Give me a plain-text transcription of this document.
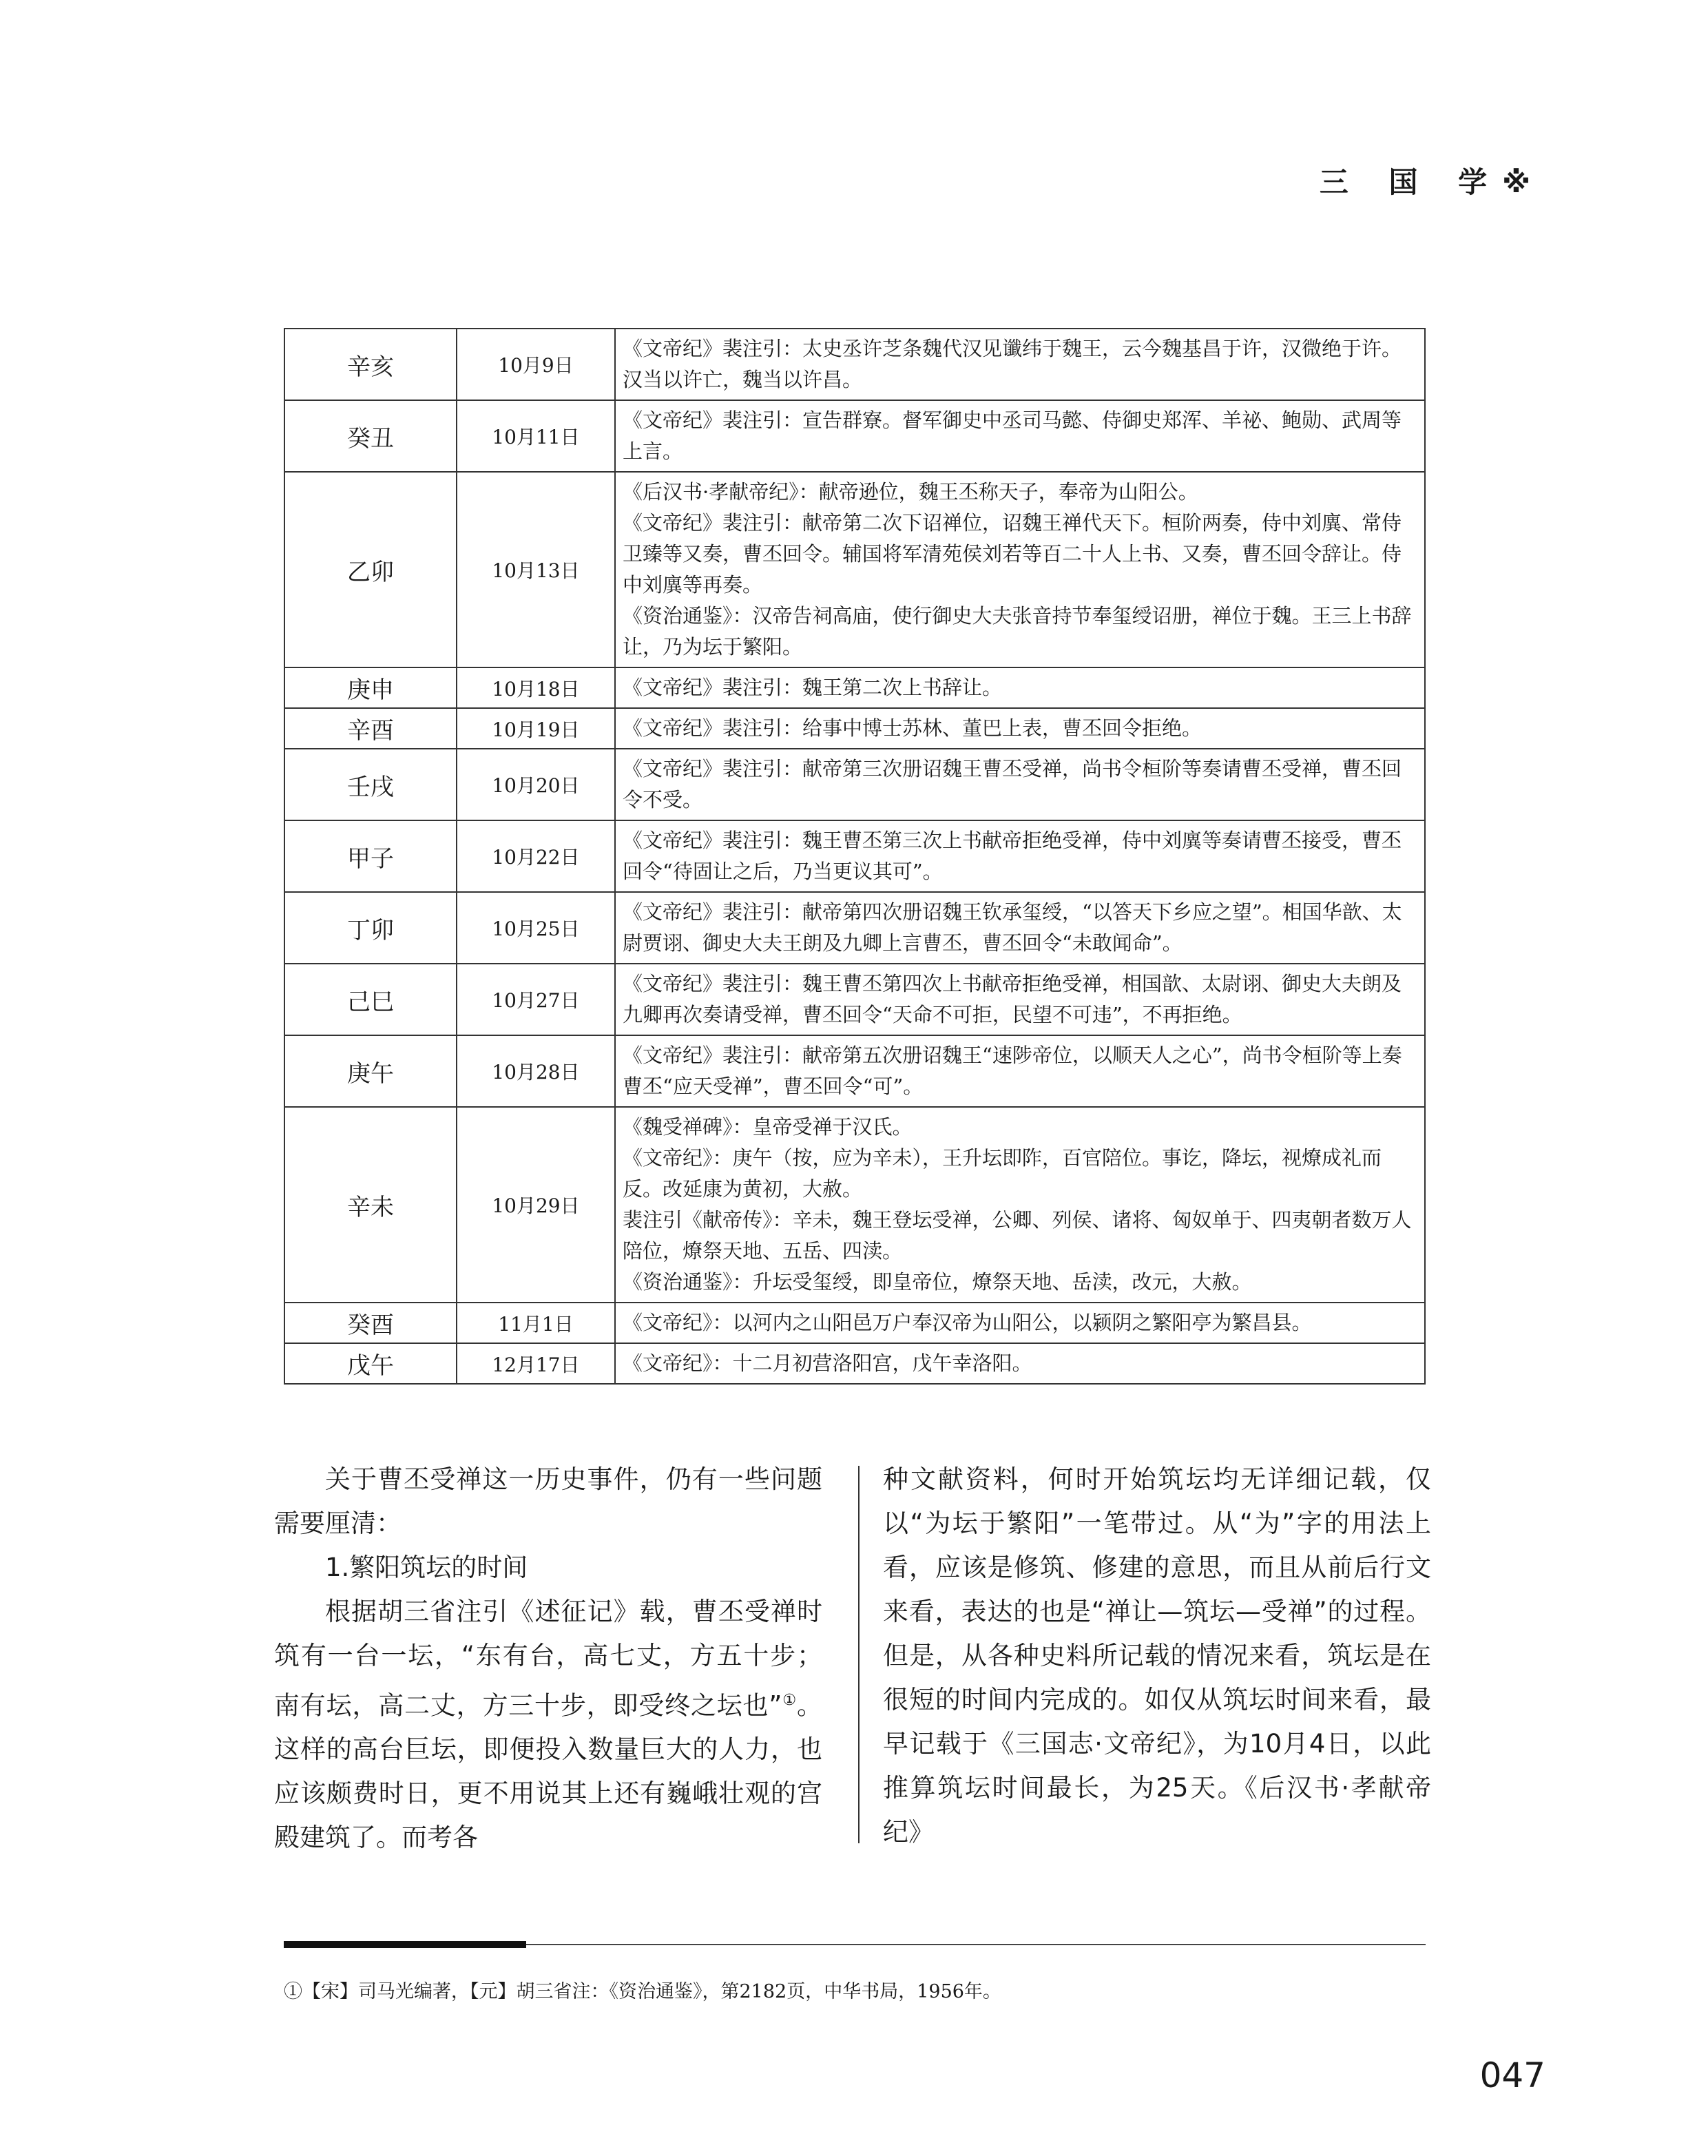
三 国 学※
辛亥	10月9日	《文帝纪》裴注引：太史丞许芝条魏代汉见谶纬于魏王，云今魏基昌于许，汉微绝于许。汉当以许亡，魏当以许昌。

癸丑	10月11日	《文帝纪》裴注引：宣告群寮。督军御史中丞司马懿、侍御史郑浑、羊祕、鲍勋、武周等上言。

乙卯	10月13日	《后汉书·孝献帝纪》：献帝逊位，魏王丕称天子，奉帝为山阳公。
《文帝纪》裴注引：献帝第二次下诏禅位，诏魏王禅代天下。桓阶两奏，侍中刘廙、常侍卫臻等又奏，曹丕回令。辅国将军清苑侯刘若等百二十人上书、又奏，曹丕回令辞让。侍中刘廙等再奏。
《资治通鉴》：汉帝告祠高庙，使行御史大夫张音持节奉玺绶诏册，禅位于魏。王三上书辞让，乃为坛于繁阳。

庚申	10月18日	《文帝纪》裴注引：魏王第二次上书辞让。

辛酉	10月19日	《文帝纪》裴注引：给事中博士苏林、董巴上表，曹丕回令拒绝。

壬戌	10月20日	《文帝纪》裴注引：献帝第三次册诏魏王曹丕受禅，尚书令桓阶等奏请曹丕受禅，曹丕回令不受。

甲子	10月22日	《文帝纪》裴注引：魏王曹丕第三次上书献帝拒绝受禅，侍中刘廙等奏请曹丕接受，曹丕回令“待固让之后，乃当更议其可”。

丁卯	10月25日	《文帝纪》裴注引：献帝第四次册诏魏王钦承玺绶，“以答天下乡应之望”。相国华歆、太尉贾诩、御史大夫王朗及九卿上言曹丕，曹丕回令“未敢闻命”。

己巳	10月27日	《文帝纪》裴注引：魏王曹丕第四次上书献帝拒绝受禅，相国歆、太尉诩、御史大夫朗及九卿再次奏请受禅，曹丕回令“天命不可拒，民望不可违”，不再拒绝。

庚午	10月28日	《文帝纪》裴注引：献帝第五次册诏魏王“速陟帝位，以顺天人之心”，尚书令桓阶等上奏曹丕“应天受禅”，曹丕回令“可”。

辛未	10月29日	《魏受禅碑》：皇帝受禅于汉氏。
《文帝纪》：庚午（按，应为辛未），王升坛即阼，百官陪位。事讫，降坛，视燎成礼而反。改延康为黄初，大赦。
裴注引《献帝传》：辛未，魏王登坛受禅，公卿、列侯、诸将、匈奴单于、四夷朝者数万人陪位，燎祭天地、五岳、四渎。
《资治通鉴》：升坛受玺绶，即皇帝位，燎祭天地、岳渎，改元，大赦。

癸酉	11月1日	《文帝纪》：以河内之山阳邑万户奉汉帝为山阳公，以颍阴之繁阳亭为繁昌县。

戊午	12月17日	《文帝纪》：十二月初营洛阳宫，戊午幸洛阳。

关于曹丕受禅这一历史事件，仍有一些问题需要厘清：

1.繁阳筑坛的时间

根据胡三省注引《述征记》载，曹丕受禅时筑有一台一坛，“东有台，高七丈，方五十步；南有坛，高二丈，方三十步，即受终之坛也”①。这样的高台巨坛，即便投入数量巨大的人力，也应该颇费时日，更不用说其上还有巍峨壮观的宫殿建筑了。而考各

种文献资料，何时开始筑坛均无详细记载，仅以“为坛于繁阳”一笔带过。从“为”字的用法上看，应该是修筑、修建的意思，而且从前后行文来看，表达的也是“禅让—筑坛—受禅”的过程。但是，从各种史料所记载的情况来看，筑坛是在很短的时间内完成的。如仅从筑坛时间来看，最早记载于《三国志·文帝纪》，为10月4日，以此推算筑坛时间最长，为25天。《后汉书·孝献帝纪》

①【宋】司马光编著，【元】胡三省注：《资治通鉴》，第2182页，中华书局，1956年。
047
